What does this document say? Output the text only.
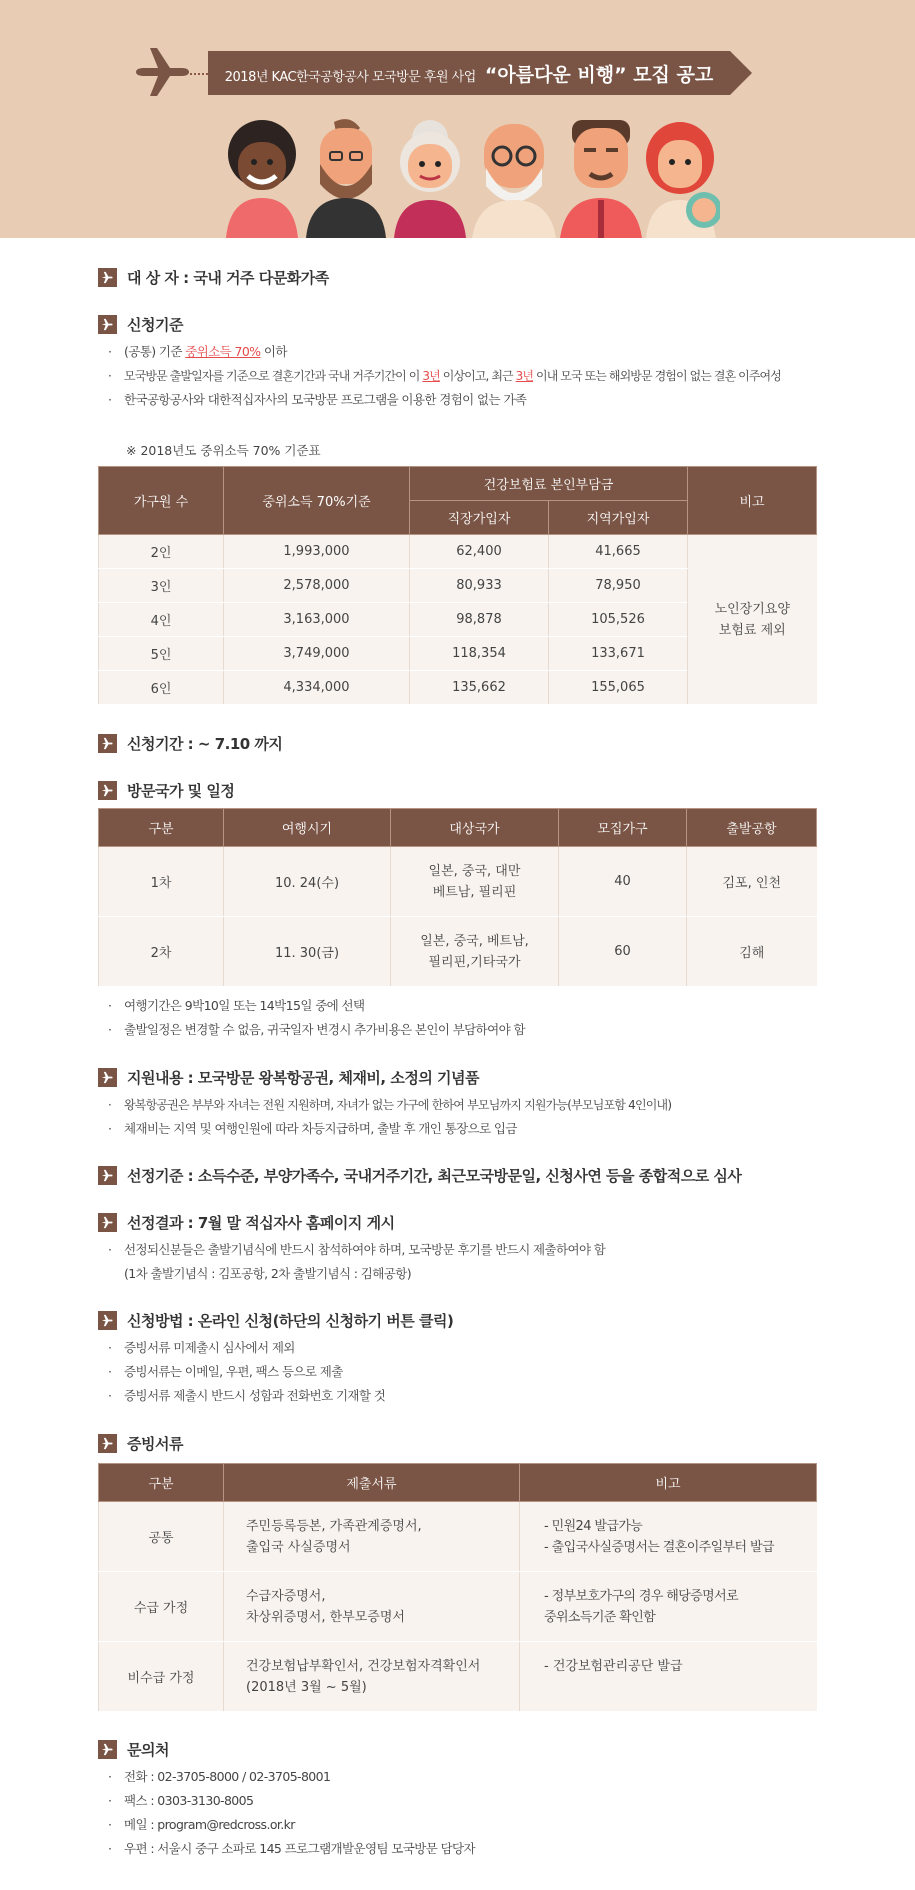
2018년 KAC한국공항공사 모국방문 후원 사업 “아름다운 비행” 모집 공고
대 상 자 : 국내 거주 다문화가족
신청기준
· (공통) 기준 중위소득 70% 이하
· 모국방문 출발일자를 기준으로 결혼기간과 국내 거주기간이 이 3년 이상이고, 최근 3년 이내 모국 또는 해외방문 경험이 없는 결혼 이주여성
· 한국공항공사와 대한적십자사의 모국방문 프로그램을 이용한 경험이 없는 가족
※ 2018년도 중위소득 70% 기준표
가구원 수	중위소득 70%기준	건강보험료 본인부담금		비고
		직장가입자	지역가입자	
2인	1,993,000	62,400	41,665	노인장기요양
보험료 제외
3인	2,578,000	80,933	78,950	
4인	3,163,000	98,878	105,526	
5인	3,749,000	118,354	133,671	
6인	4,334,000	135,662	155,065	
신청기간 : ~ 7.10 까지
방문국가 및 일정
구분	여행시기	대상국가	모집가구	출발공항
1차	10. 24(수)	일본, 중국, 대만
베트남, 필리핀	40	김포, 인천
2차	11. 30(금)	일본, 중국, 베트남,
필리핀,기타국가	60	김해
· 여행기간은 9박10일 또는 14박15일 중에 선택
· 출발일정은 변경할 수 없음, 귀국일자 변경시 추가비용은 본인이 부담하여야 함
지원내용 : 모국방문 왕복항공권, 체재비, 소정의 기념품
· 왕복항공권은 부부와 자녀는 전원 지원하며, 자녀가 없는 가구에 한하여 부모님까지 지원가능(부모님포함 4인이내)
· 체재비는 지역 및 여행인원에 따라 차등지급하며, 출발 후 개인 통장으로 입금
선정기준 : 소득수준, 부양가족수, 국내거주기간, 최근모국방문일, 신청사연 등을 종합적으로 심사
선정결과 : 7월 말 적십자사 홈페이지 게시
· 선정되신분들은 출발기념식에 반드시 참석하여야 하며, 모국방문 후기를 반드시 제출하여야 함
(1차 출발기념식 : 김포공항, 2차 출발기념식 : 김해공항)
신청방법 : 온라인 신청(하단의 신청하기 버튼 클릭)
· 증빙서류 미제출시 심사에서 제외
· 증빙서류는 이메일, 우편, 팩스 등으로 제출
· 증빙서류 제출시 반드시 성함과 전화번호 기재할 것
증빙서류
구분	제출서류	비고
공통	주민등록등본, 가족관계증명서,
출입국 사실증명서	- 민원24 발급가능
- 출입국사실증명서는 결혼이주일부터 발급
수급 가정	수급자증명서,
차상위증명서, 한부모증명서	- 정부보호가구의 경우 해당증명서로
중위소득기준 확인함
비수급 가정	건강보험납부확인서, 건강보험자격확인서
(2018년 3월 ~ 5월)	- 건강보험관리공단 발급
문의처
· 전화 : 02-3705-8000 / 02-3705-8001
· 팩스 : 0303-3130-8005
· 메일 : program@redcross.or.kr
· 우편 : 서울시 중구 소파로 145 프로그램개발운영팀 모국방문 담당자
